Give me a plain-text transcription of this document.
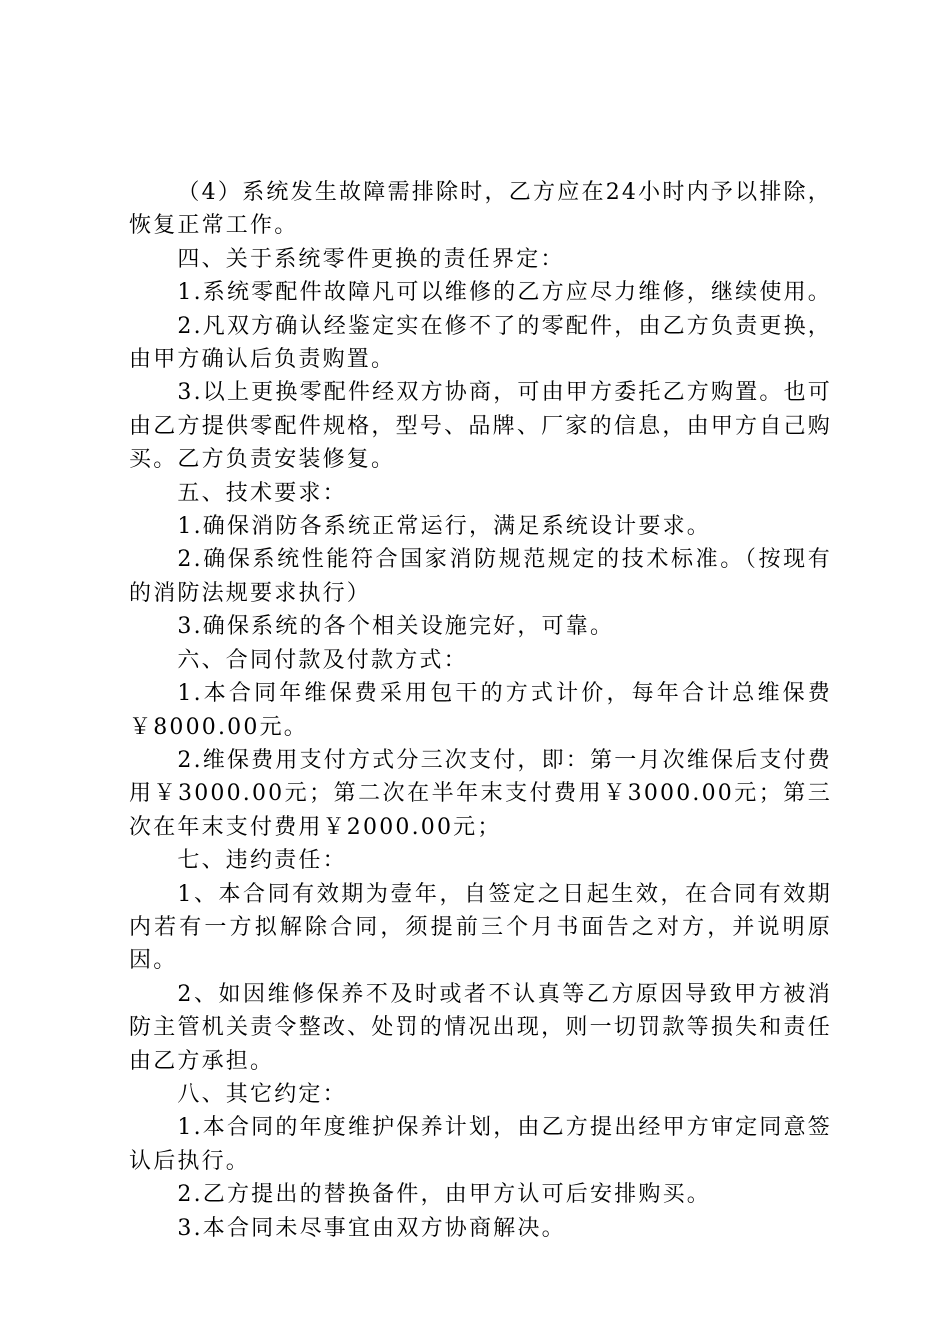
（4）系统发生故障需排除时，乙方应在24小时内予以排除，恢复正常工作。

四、关于系统零件更换的责任界定：

1.系统零配件故障凡可以维修的乙方应尽力维修，继续使用。

2.凡双方确认经鉴定实在修不了的零配件，由乙方负责更换，由甲方确认后负责购置。

3.以上更换零配件经双方协商，可由甲方委托乙方购置。也可由乙方提供零配件规格，型号、品牌、厂家的信息，由甲方自己购买。乙方负责安装修复。

五、技术要求：

1.确保消防各系统正常运行，满足系统设计要求。

2.确保系统性能符合国家消防规范规定的技术标准。（按现有的消防法规要求执行）

3.确保系统的各个相关设施完好，可靠。

六、合同付款及付款方式：

1.本合同年维保费采用包干的方式计价，每年合计总维保费￥8000.00元。

2.维保费用支付方式分三次支付，即：第一月次维保后支付费用￥3000.00元；第二次在半年末支付费用￥3000.00元；第三次在年末支付费用￥2000.00元；

七、违约责任：

1、本合同有效期为壹年，自签定之日起生效，在合同有效期内若有一方拟解除合同，须提前三个月书面告之对方，并说明原因。

2、如因维修保养不及时或者不认真等乙方原因导致甲方被消防主管机关责令整改、处罚的情况出现，则一切罚款等损失和责任由乙方承担。

八、其它约定：

1.本合同的年度维护保养计划，由乙方提出经甲方审定同意签认后执行。

2.乙方提出的替换备件，由甲方认可后安排购买。

3.本合同未尽事宜由双方协商解决。
